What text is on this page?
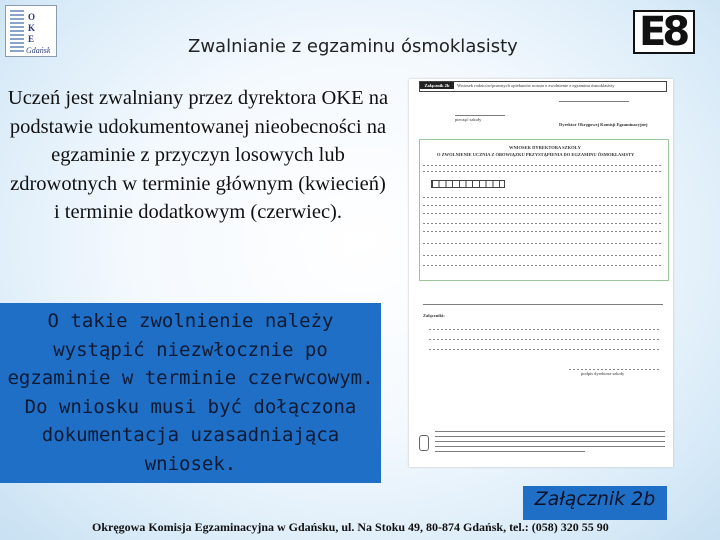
O
K
E
Gdańsk	Zwalnianie z egzaminu ósmoklasisty	E8
Uczeń jest zwalniany przez dyrektora OKE na podstawie udokumentowanej nieobecności na egzaminie z przyczyn losowych lub zdrowotnych w terminie głównym (kwiecień) i terminie dodatkowym (czerwiec).
O takie zwolnienie należy wystąpić niezwłocznie po egzaminie w terminie czerwcowym. Do wniosku musi być dołączona dokumentacja uzasadniająca wniosek.
Załącznik 2b	Wniosek rodziców/prawnych opiekunów ucznia o zwolnienie z egzaminu ósmoklasisty
pieczęć szkoły
Dyrektor Okręgowej Komisji Egzaminacyjnej
WNIOSEK DYREKTORA SZKOŁY
O ZWOLNIENIE UCZNIA Z OBOWIĄZKU PRZYSTĄPIENIA DO EGZAMINU ÓSMOKLASISTY
Załączniki:
podpis dyrektora szkoły
Załącznik 2b
Okręgowa Komisja Egzaminacyjna w Gdańsku, ul. Na Stoku 49, 80-874 Gdańsk, tel.: (058) 320 55 90
